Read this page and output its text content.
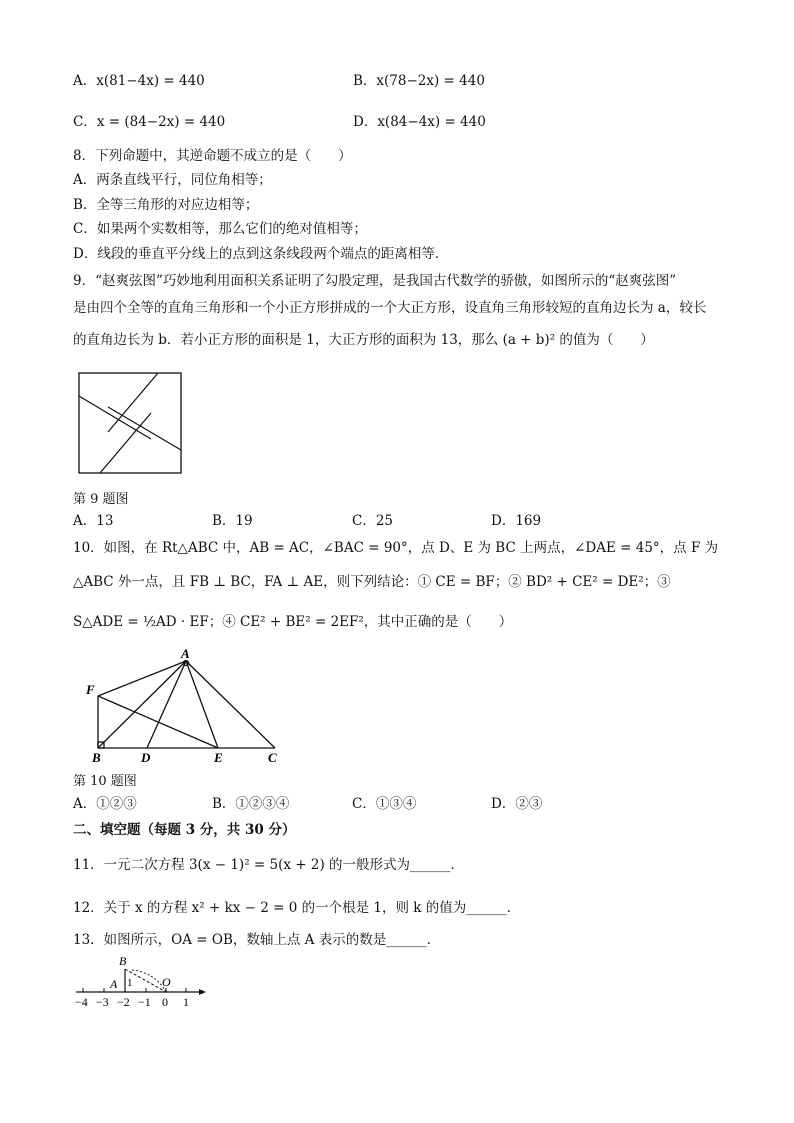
A．x(81−4x) = 440	B．x(78−2x) = 440
C．x = (84−2x) = 440	D．x(84−4x) = 440
8．下列命题中，其逆命题不成立的是（　　）
A．两条直线平行，同位角相等；
B．全等三角形的对应边相等；
C．如果两个实数相等，那么它们的绝对值相等；
D．线段的垂直平分线上的点到这条线段两个端点的距离相等．
9．“赵爽弦图”巧妙地利用面积关系证明了勾股定理，是我国古代数学的骄傲，如图所示的“赵爽弦图”
是由四个全等的直角三角形和一个小正方形拼成的一个大正方形，设直角三角形较短的直角边长为 a，较长
的直角边长为 b．若小正方形的面积是 1，大正方形的面积为 13，那么 (a + b)² 的值为（　　）
第 9 题图
A．13	B．19	C．25	D．169
10．如图，在 Rt△ABC 中，AB = AC，∠BAC = 90°，点 D、E 为 BC 上两点，∠DAE = 45°，点 F 为
△ABC 外一点，且 FB ⊥ BC，FA ⊥ AE，则下列结论：① CE = BF；② BD² + CE² = DE²；③
S△ADE = ½AD · EF；④ CE² + BE² = 2EF²，其中正确的是（　　）
A
F
B	D	E	C
第 10 题图
A．①②③	B．①②③④	C．①③④	D．②③
二、填空题（每题 3 分，共 30 分）
11．一元二次方程 3(x − 1)² = 5(x + 2) 的一般形式为______．
12．关于 x 的方程 x² + kx − 2 = 0 的一个根是 1，则 k 的值为______．
13．如图所示，OA = OB，数轴上点 A 表示的数是______．
B
A 1 O
−4 −3 −2 −1 0 1
